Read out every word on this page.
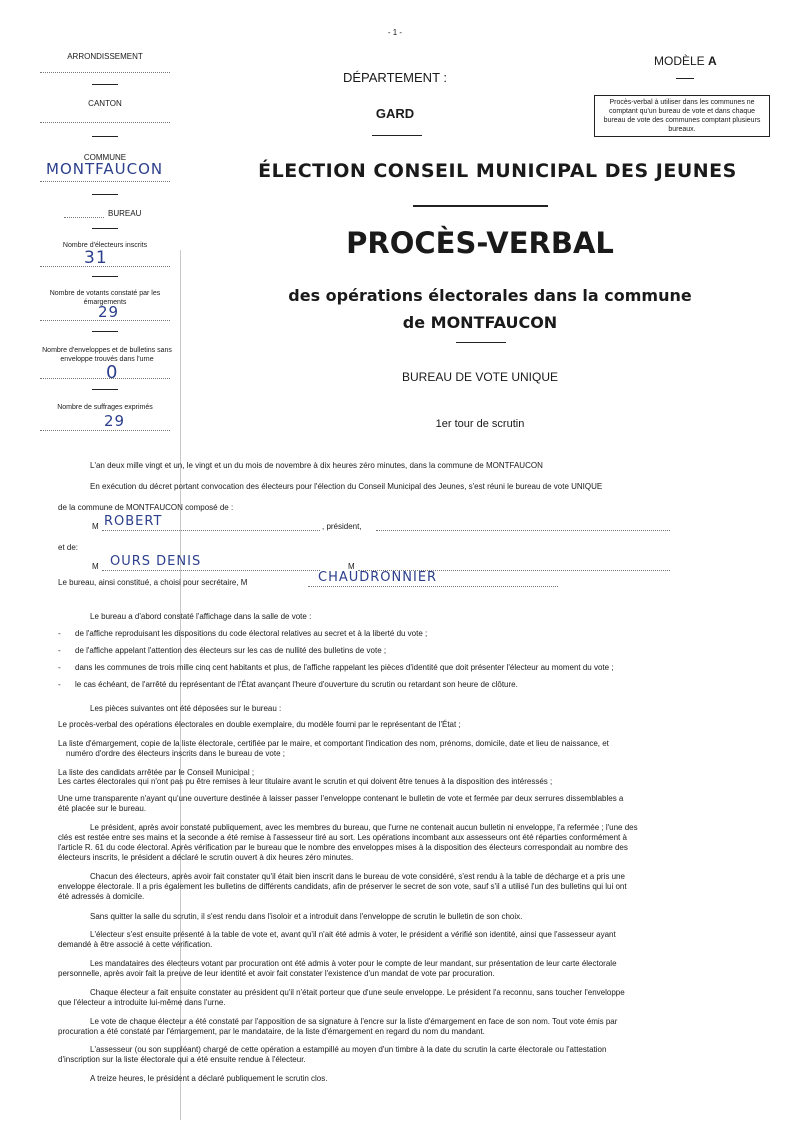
- 1 -
ARRONDISSEMENT
CANTON
COMMUNE
MONTFAUCON
BUREAU
Nombre d'électeurs inscrits
31
Nombre de votants constaté par les émargements
29
Nombre d'enveloppes et de bulletins sans enveloppe trouvés dans l'urne
0
Nombre de suffrages exprimés
29
DÉPARTEMENT :
GARD
MODÈLE A
Procès-verbal à utiliser dans les communes ne comptant qu'un bureau de vote et dans chaque bureau de vote des communes comptant plusieurs bureaux.
ÉLECTION CONSEIL MUNICIPAL DES JEUNES
PROCÈS-VERBAL
des opérations électorales dans la commune
de MONTFAUCON
BUREAU DE VOTE UNIQUE
1er tour de scrutin
L'an deux mille vingt et un, le vingt et un du mois de novembre à dix heures zéro minutes, dans la commune de MONTFAUCON
En exécution du décret portant convocation des électeurs pour l'élection du Conseil Municipal des Jeunes, s'est réuni le bureau de vote UNIQUE
de la commune de MONTFAUCON composé de :
M ROBERT	, président,
et de:
M OURS DENIS	M
Le bureau, ainsi constitué, a choisi pour secrétaire, M	CHAUDRONNIER
Le bureau a d'abord constaté l'affichage dans la salle de vote :
- de l'affiche reproduisant les dispositions du code électoral relatives au secret et à la liberté du vote ;
- de l'affiche appelant l'attention des électeurs sur les cas de nullité des bulletins de vote ;
- dans les communes de trois mille cinq cent habitants et plus, de l'affiche rappelant les pièces d'identité que doit présenter l'électeur au moment du vote ;
- le cas échéant, de l'arrêté du représentant de l'État avançant l'heure d'ouverture du scrutin ou retardant son heure de clôture.
Les pièces suivantes ont été déposées sur le bureau :
Le procès-verbal des opérations électorales en double exemplaire, du modèle fourni par le représentant de l'État ;
La liste d'émargement, copie de la liste électorale, certifiée par le maire, et comportant l'indication des nom, prénoms, domicile, date et lieu de naissance, et
numéro d'ordre des électeurs inscrits dans le bureau de vote ;
La liste des candidats arrêtée par le Conseil Municipal ;
Les cartes électorales qui n'ont pas pu être remises à leur titulaire avant le scrutin et qui doivent être tenues à la disposition des intéressés ;
Une urne transparente n'ayant qu'une ouverture destinée à laisser passer l'enveloppe contenant le bulletin de vote et fermée par deux serrures dissemblables a
été placée sur le bureau.
Le président, après avoir constaté publiquement, avec les membres du bureau, que l'urne ne contenait aucun bulletin ni enveloppe, l'a refermée ; l'une des
clés est restée entre ses mains et la seconde a été remise à l'assesseur tiré au sort. Les opérations incombant aux assesseurs ont été réparties conformément à
l'article R. 61 du code électoral. Après vérification par le bureau que le nombre des enveloppes mises à la disposition des électeurs correspondait au nombre des
électeurs inscrits, le président a déclaré le scrutin ouvert à dix heures zéro minutes.
Chacun des électeurs, après avoir fait constater qu'il était bien inscrit dans le bureau de vote considéré, s'est rendu à la table de décharge et a pris une
enveloppe électorale. Il a pris également les bulletins de différents candidats, afin de préserver le secret de son vote, sauf s'il a utilisé l'un des bulletins qui lui ont
été adressés à domicile.
Sans quitter la salle du scrutin, il s'est rendu dans l'isoloir et a introduit dans l'enveloppe de scrutin le bulletin de son choix.
L'électeur s'est ensuite présenté à la table de vote et, avant qu'il n'ait été admis à voter, le président a vérifié son identité, ainsi que l'assesseur ayant
demandé à être associé à cette vérification.
Les mandataires des électeurs votant par procuration ont été admis à voter pour le compte de leur mandant, sur présentation de leur carte électorale
personnelle, après avoir fait la preuve de leur identité et avoir fait constater l'existence d'un mandat de vote par procuration.
Chaque électeur a fait ensuite constater au président qu'il n'était porteur que d'une seule enveloppe. Le président l'a reconnu, sans toucher l'enveloppe
que l'électeur a introduite lui-même dans l'urne.
Le vote de chaque électeur a été constaté par l'apposition de sa signature à l'encre sur la liste d'émargement en face de son nom. Tout vote émis par
procuration a été constaté par l'émargement, par le mandataire, de la liste d'émargement en regard du nom du mandant.
L'assesseur (ou son suppléant) chargé de cette opération a estampillé au moyen d'un timbre à la date du scrutin la carte électorale ou l'attestation
d'inscription sur la liste électorale qui a été ensuite rendue à l'électeur.
A treize heures, le président a déclaré publiquement le scrutin clos.
